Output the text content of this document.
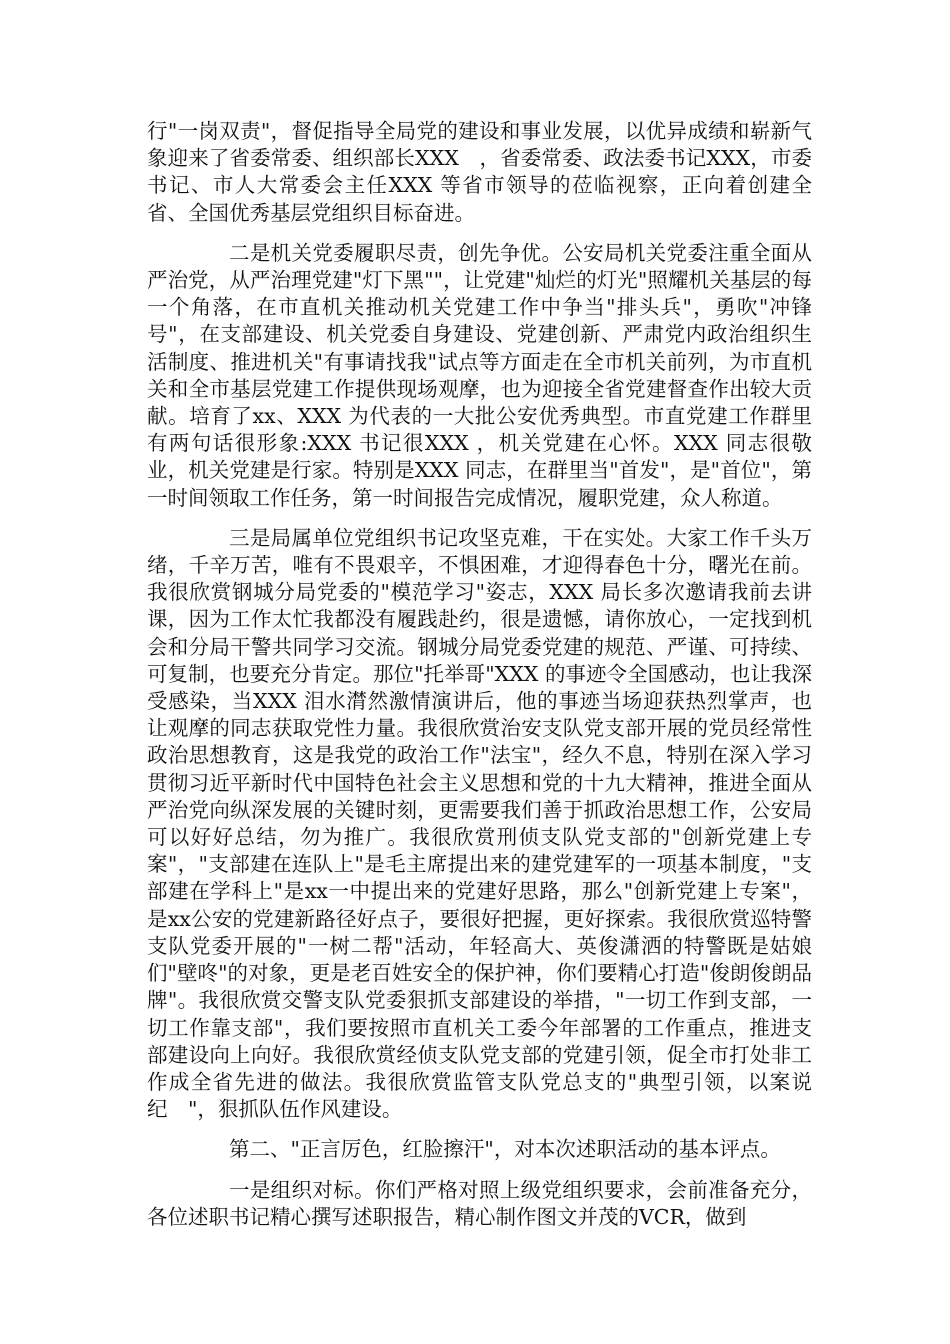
行"一岗双责"，督促指导全局党的建设和事业发展，以优异成绩和崭新气象迎来了省委常委、组织部长XXX　，省委常委、政法委书记XXX，市委书记、市人大常委会主任XXX 等省市领导的莅临视察，正向着创建全省、全国优秀基层党组织目标奋进。

二是机关党委履职尽责，创先争优。公安局机关党委注重全面从严治党，从严治理党建"灯下黑""，让党建"灿烂的灯光"照耀机关基层的每一个角落，在市直机关推动机关党建工作中争当"排头兵"，勇吹"冲锋号"，在支部建设、机关党委自身建设、党建创新、严肃党内政治组织生活制度、推进机关"有事请找我"试点等方面走在全市机关前列，为市直机关和全市基层党建工作提供现场观摩，也为迎接全省党建督查作出较大贡献。培育了xx、XXX 为代表的一大批公安优秀典型。市直党建工作群里有两句话很形象:XXX 书记很XXX ，机关党建在心怀。XXX 同志很敬业，机关党建是行家。特别是XXX 同志，在群里当"首发"，是"首位"，第一时间领取工作任务，第一时间报告完成情况，履职党建，众人称道。

三是局属单位党组织书记攻坚克难，干在实处。大家工作千头万绪，千辛万苦，唯有不畏艰辛，不惧困难，才迎得春色十分，曙光在前。我很欣赏钢城分局党委的"模范学习"姿志，XXX 局长多次邀请我前去讲课，因为工作太忙我都没有履践赴约，很是遗憾，请你放心，一定找到机会和分局干警共同学习交流。钢城分局党委党建的规范、严谨、可持续、可复制，也要充分肯定。那位"托举哥"XXX 的事迹令全国感动，也让我深受感染，当XXX 泪水潸然激情演讲后，他的事迹当场迎获热烈掌声，也让观摩的同志获取党性力量。我很欣赏治安支队党支部开展的党员经常性政治思想教育，这是我党的政治工作"法宝"，经久不息，特别在深入学习贯彻习近平新时代中国特色社会主义思想和党的十九大精神，推进全面从严治党向纵深发展的关键时刻，更需要我们善于抓政治思想工作，公安局可以好好总结，勿为推广。我很欣赏刑侦支队党支部的"创新党建上专案"，"支部建在连队上"是毛主席提出来的建党建军的一项基本制度，"支部建在学科上"是xx一中提出来的党建好思路，那么"创新党建上专案"，是xx公安的党建新路径好点子，要很好把握，更好探索。我很欣赏巡特警支队党委开展的"一树二帮"活动，年轻高大、英俊潇洒的特警既是姑娘们"壁咚"的对象，更是老百姓安全的保护神，你们要精心打造"俊朗俊朗品牌"。我很欣赏交警支队党委狠抓支部建设的举措，"一切工作到支部，一切工作靠支部"，我们要按照市直机关工委今年部署的工作重点，推进支部建设向上向好。我很欣赏经侦支队党支部的党建引领，促全市打处非工作成全省先进的做法。我很欣赏监管支队党总支的"典型引领，以案说纪　"，狠抓队伍作风建设。

第二、"正言厉色，红脸擦汗"，对本次述职活动的基本评点。

一是组织对标。你们严格对照上级党组织要求，会前准备充分，各位述职书记精心撰写述职报告，精心制作图文并茂的VCR，做到
